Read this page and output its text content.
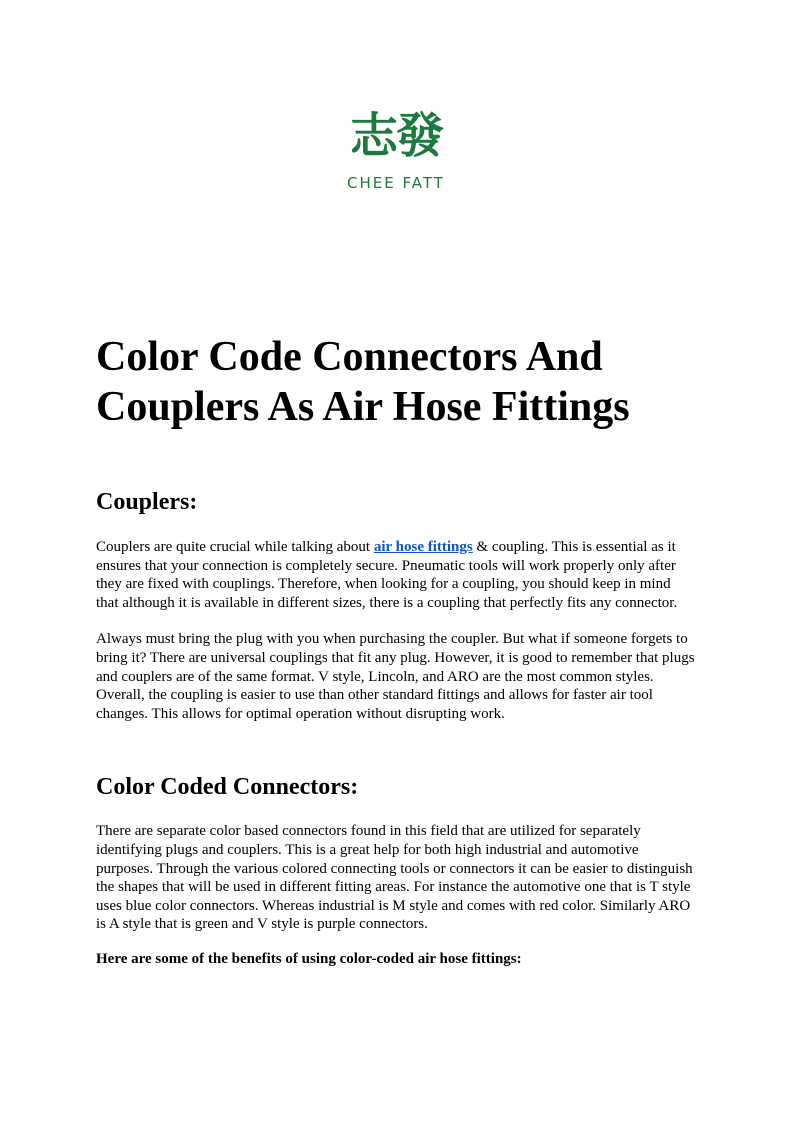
志發
CHEE FATT
Color Code Connectors And Couplers As Air Hose Fittings
Couplers:

Couplers are quite crucial while talking about air hose fittings & coupling. This is essential as it ensures that your connection is completely secure. Pneumatic tools will work properly only after they are fixed with couplings. Therefore, when looking for a coupling, you should keep in mind that although it is available in different sizes, there is a coupling that perfectly fits any connector.

Always must bring the plug with you when purchasing the coupler. But what if someone forgets to bring it? There are universal couplings that fit any plug. However, it is good to remember that plugs and couplers are of the same format. V style, Lincoln, and ARO are the most common styles. Overall, the coupling is easier to use than other standard fittings and allows for faster air tool changes. This allows for optimal operation without disrupting work.

Color Coded Connectors:

There are separate color based connectors found in this field that are utilized for separately identifying plugs and couplers. This is a great help for both high industrial and automotive purposes. Through the various colored connecting tools or connectors it can be easier to distinguish the shapes that will be used in different fitting areas. For instance the automotive one that is T style uses blue color connectors. Whereas industrial is M style and comes with red color. Similarly ARO is A style that is green and V style is purple connectors.

Here are some of the benefits of using color-coded air hose fittings:
